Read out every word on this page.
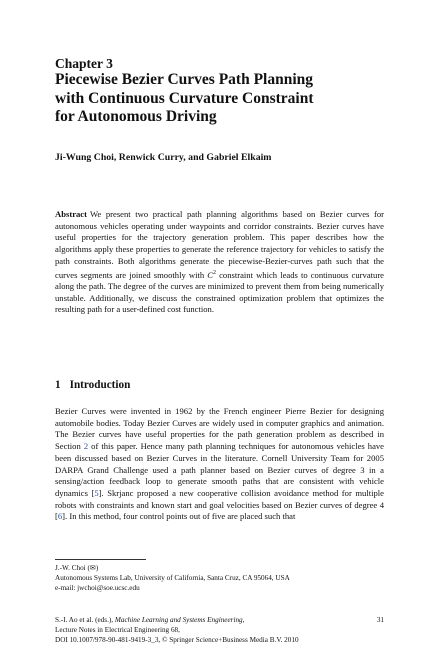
Chapter 3
Piecewise Bezier Curves Path Planning
with Continuous Curvature Constraint
for Autonomous Driving
Ji-Wung Choi, Renwick Curry, and Gabriel Elkaim

Abstract We present two practical path planning algorithms based on Bezier curves for autonomous vehicles operating under waypoints and corridor constraints. Bezier curves have useful properties for the trajectory generation problem. This paper describes how the algorithms apply these properties to generate the reference trajectory for vehicles to satisfy the path constraints. Both algorithms generate the piecewise-Bezier-curves path such that the curves segments are joined smoothly with $C^2$ constraint which leads to continuous curvature along the path. The degree of the curves are minimized to prevent them from being numerically unstable. Additionally, we discuss the constrained optimization problem that optimizes the resulting path for a user-defined cost function.

1 Introduction

Bezier Curves were invented in 1962 by the French engineer Pierre Bezier for designing automobile bodies. Today Bezier Curves are widely used in computer graphics and animation. The Bezier curves have useful properties for the path generation problem as described in Section 2 of this paper. Hence many path planning techniques for autonomous vehicles have been discussed based on Bezier Curves in the literature. Cornell University Team for 2005 DARPA Grand Challenge used a path planner based on Bezier curves of degree 3 in a sensing/action feedback loop to generate smooth paths that are consistent with vehicle dynamics [5]. Skrjanc proposed a new cooperative collision avoidance method for multiple robots with constraints and known start and goal velocities based on Bezier curves of degree 4 [6]. In this method, four control points out of five are placed such that

J.-W. Choi (✉)
Autonomous Systems Lab, University of California, Santa Cruz, CA 95064, USA
e-mail: jwchoi@soe.ucsc.edu
S.-I. Ao et al. (eds.), Machine Learning and Systems Engineering,
Lecture Notes in Electrical Engineering 68,
DOI 10.1007/978-90-481-9419-3_3, © Springer Science+Business Media B.V. 2010
31
